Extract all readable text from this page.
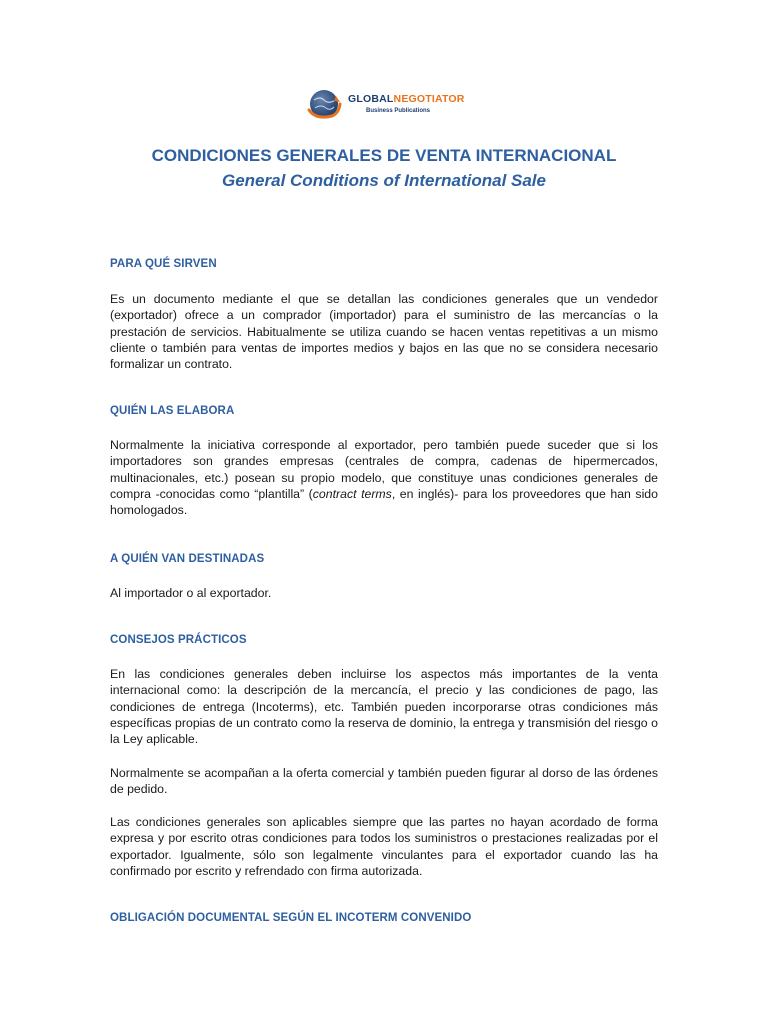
GLOBALNEGOTIATOR
Business Publications
CONDICIONES GENERALES DE VENTA INTERNACIONAL
General Conditions of International Sale
PARA QUÉ SIRVEN
Es un documento mediante el que se detallan las condiciones generales que un vendedor (exportador) ofrece a un comprador (importador) para el suministro de las mercancías o la prestación de servicios. Habitualmente se utiliza cuando se hacen ventas repetitivas a un mismo cliente o también para ventas de importes medios y bajos en las que no se considera necesario formalizar un contrato.
QUIÉN LAS ELABORA
Normalmente la iniciativa corresponde al exportador, pero también puede suceder que si los importadores son grandes empresas (centrales de compra, cadenas de hipermercados, multinacionales, etc.) posean su propio modelo, que constituye unas condiciones generales de compra -conocidas como “plantilla” (contract terms, en inglés)- para los proveedores que han sido homologados.
A QUIÉN VAN DESTINADAS
Al importador o al exportador.
CONSEJOS PRÁCTICOS
En las condiciones generales deben incluirse los aspectos más importantes de la venta internacional como: la descripción de la mercancía, el precio y las condiciones de pago, las condiciones de entrega (Incoterms), etc. También pueden incorporarse otras condiciones más específicas propias de un contrato como la reserva de dominio, la entrega y transmisión del riesgo o la Ley aplicable.
Normalmente se acompañan a la oferta comercial y también pueden figurar al dorso de las órdenes de pedido.
Las condiciones generales son aplicables siempre que las partes no hayan acordado de forma expresa y por escrito otras condiciones para todos los suministros o prestaciones realizadas por el exportador. Igualmente, sólo son legalmente vinculantes para el exportador cuando las ha confirmado por escrito y refrendado con firma autorizada.
OBLIGACIÓN DOCUMENTAL SEGÚN EL INCOTERM CONVENIDO
